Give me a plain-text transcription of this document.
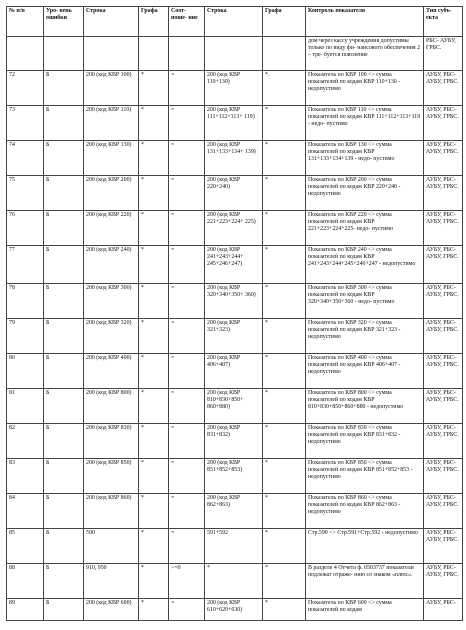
№ п/п	Уро- вень ошибки	Строка	Графа	Соот- ноше- ние	Строка	Графа	Контроль показателя	Тип субъ- екта
							дом через кассу учреждения допустимы только по виду фи- нансового обеспечения 2 – тре- буется пояснение	РБС- АУБУ, ГРБС.
72	Б	200 (код КВР 100)	*	=	200 (код КВР 110+130)	*.	Показатель по КВР 100 <> сумма показателей по кодам КВР 110+130 - недопустимо	АУБУ, РБС- АУБУ, ГРБС.
73	Б	200 (код КВР 110)	*	=	200 (код КВР 111+112+113+ 119)	*	Показатель по КВР 110 <> сумма показателей по кодам КВР 111+112+113+119 - недо- пустимо	АУБУ, РБС- АУБУ, ГРБС.
74	Б	200 (код КВР 130)	*	=	200 (код КВР 131+133+134+ 139)	*	Показатель по КВР 130 <> сумма показателей по кодам КВР 131+133+134+139 - недо- пустимо	АУБУ, РБС- АУБУ, ГРБС.
75	Б	200 (код КВР 200)	*	=	200 (код КВР 220+240)	*	Показатель по КВР 200 <> сумма показателей по кодам КВР 220+240 - недопустимо	АУБУ, РБС- АУБУ, ГРБС.
76	Б	200 (код КВР 220)	*	=	200 (код КВР 221+223+224+ 225)	*	Показатель по КВР 220 <> сумма показателей по кодам КВР 221+223+224+225- недо- пустимо	АУБУ, РБС- АУБУ, ГРБС.
77	Б	200 (код КВР 240)	*	=	200 (код КВР 241+243+244+ 245+246+247)	*	Показатель по КВР 240 <> сумма показателей по кодам КВР 241+243+244+245+246+247 - недопустимо	АУБУ, РБС- АУБУ, ГРБС.
78	Б	200 (код КВР 300)	*	=	200 (код КВР 320+340+350+ 360)	*	Показатель по КВР 300 <> сумма показателей по кодам КВР 320+340+350+360 - недо- пустимо	АУБУ, РБС- АУБУ, ГРБС.
79	Б	200 (код КВР 320)	*	=	200 (код КВР 321+323)	*	Показатель по КВР 320 <> сумма показателей по кодам КВР 321+323 - недопустимо	АУБУ, РБС- АУБУ, ГРБС.
80	Б	200 (код КВР 400)	*	=	200 (код КВР 406+407)	*	Показатель по КВР 400 <> сумма показателей по кодам КВР 406+407 - недопустимо	АУБУ, РБС- АУБУ, ГРБС.
81	Б	200 (код КВР 800)	*	=	200 (код КВР 810+830+850+ 860+880)	*	Показатель по КВР 800 <> сумма показателей по кодам КВР 810+830+850+860+880 - недопустимо	АУБУ, РБС- АУБУ, ГРБС.
82	Б	200 (код КВР 830)	*	=	200 (код КВР 831+832)	*	Показатель по КВР 830 <> сумма показателей по кодам КВР 831+832 - недопустимо	АУБУ, РБС- АУБУ, ГРБС.
83	Б	200 (код КВР 850)	*	=	200 (код КВР 851+852+853)	*	Показатель по КВР 850 <> сумма показателей по кодам КВР 851+852+853 - недопустимо	АУБУ, РБС- АУБУ, ГРБС.
84	Б	200 (код КВР 860)	*	=	200 (код КВР 862+863)	*	Показатель по КВР 860 <> сумма показателей по кодам КВР 862+863 - недопустимо	АУБУ, РБС- АУБУ, ГРБС.
85	Б	590	*	=	591+592	*	Стр.590 <> Стр.591+Стр.592 - недопустимо	АУБУ, РБС- АУБУ, ГРБС.
88	Б	910, 950	*	>=0	*	*	В разделе 4 Отчета ф. 0503737 показатели подлежат отраже- нию со знаком «плюс».	АУБУ, РБС- АУБУ, ГРБС.
89	Б	200 (код КВР 600)	*	=	200 (код КВР 610+620+630)	*	Показатель по КВР 600 <> сумма показателей по кодам	АУБУ, РБС-
